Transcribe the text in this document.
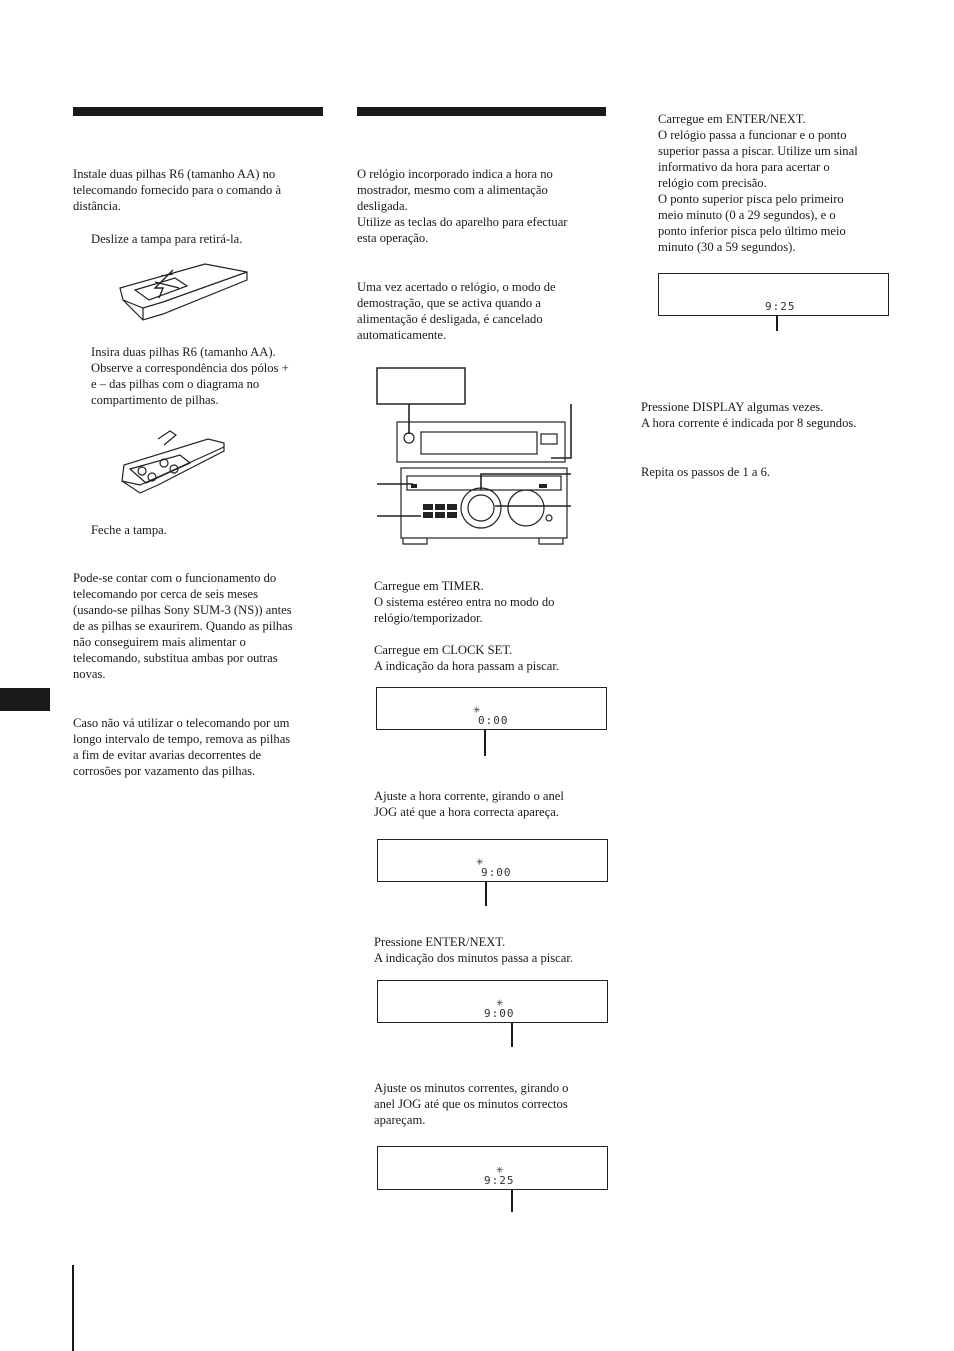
Instale duas pilhas R6 (tamanho AA) no
telecomando fornecido para o comando à
distância.

Deslize a tampa para retirá-la.

Insira duas pilhas R6 (tamanho AA).
Observe a correspondência dos pólos +
e – das pilhas com o diagrama no
compartimento de pilhas.

Feche a tampa.

Pode-se contar com o funcionamento do
telecomando por cerca de seis meses
(usando-se pilhas Sony SUM-3 (NS)) antes
de as pilhas se exaurirem. Quando as pilhas
não conseguirem mais alimentar o
telecomando, substitua ambas por outras
novas.

Caso não vá utilizar o telecomando por um
longo intervalo de tempo, remova as pilhas
a fim de evitar avarias decorrentes de
corrosões por vazamento das pilhas.

O relógio incorporado indica a hora no
mostrador, mesmo com a alimentação
desligada.
Utilize as teclas do aparelho para efectuar
esta operação.

Uma vez acertado o relógio, o modo de
demostração, que se activa quando a
alimentação é desligada, é cancelado
automaticamente.

Carregue em TIMER.
O sistema estéreo entra no modo do
relógio/temporizador.

Carregue em CLOCK SET.
A indicação da hora passam a piscar.

0:00
✳

Ajuste a hora corrente, girando o anel
JOG até que a hora correcta apareça.

9:00
✳

Pressione ENTER/NEXT.
A indicação dos minutos passa a piscar.

9:00
✳

Ajuste os minutos correntes, girando o
anel JOG até que os minutos correctos
apareçam.

9:25
✳

Carregue em ENTER/NEXT.
O relógio passa a funcionar e o ponto
superior passa a piscar. Utilize um sinal
informativo da hora para acertar o
relógio com precisão.
O ponto superior pisca pelo primeiro
meio minuto (0 a 29 segundos), e o
ponto inferior pisca pelo último meio
minuto (30 a 59 segundos).

9:25

Pressione DISPLAY algumas vezes.
A hora corrente é indicada por 8 segundos.

Repita os passos de 1 a 6.
